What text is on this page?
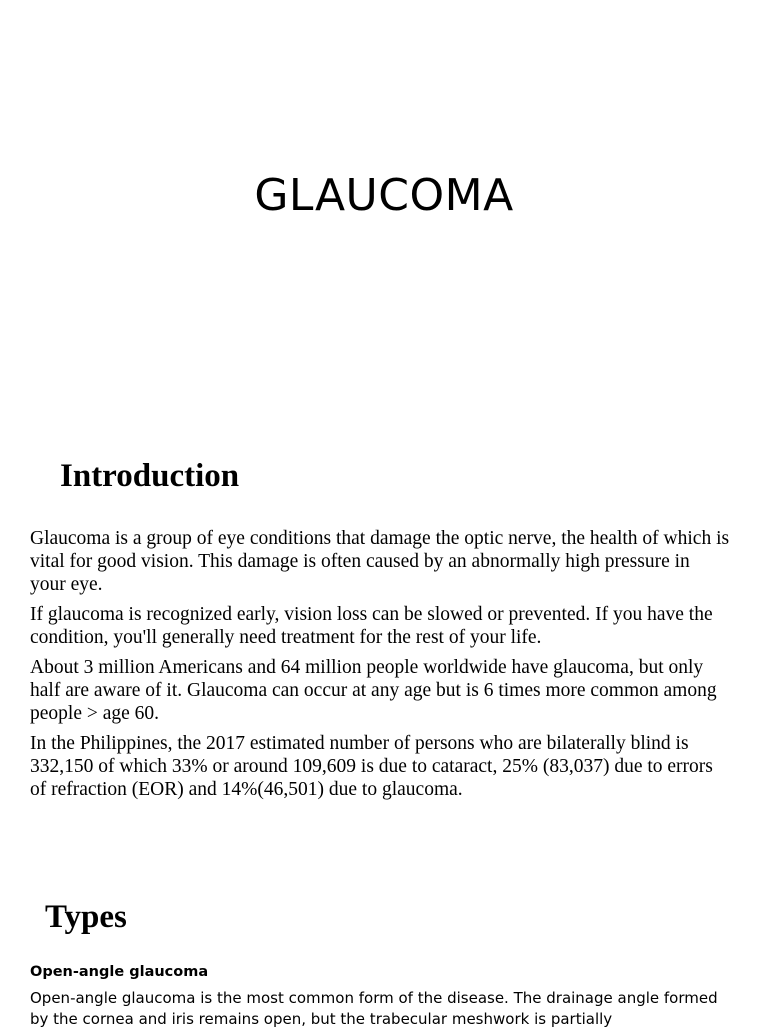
GLAUCOMA
Introduction

Glaucoma is a group of eye conditions that damage the optic nerve, the health of which is vital for good vision. This damage is often caused by an abnormally high pressure in your eye.

If glaucoma is recognized early, vision loss can be slowed or prevented. If you have the condition, you'll generally need treatment for the rest of your life.

About 3 million Americans and 64 million people worldwide have glaucoma, but only half are aware of it. Glaucoma can occur at any age but is 6 times more common among people > age 60.

In the Philippines, the 2017 estimated number of persons who are bilaterally blind is 332,150 of which 33% or around 109,609 is due to cataract, 25% (83,037) due to errors of refraction (EOR) and 14%(46,501) due to glaucoma.

Types
Open-angle glaucoma

Open-angle glaucoma is the most common form of the disease. The drainage angle formed by the cornea and iris remains open, but the trabecular meshwork is partially
